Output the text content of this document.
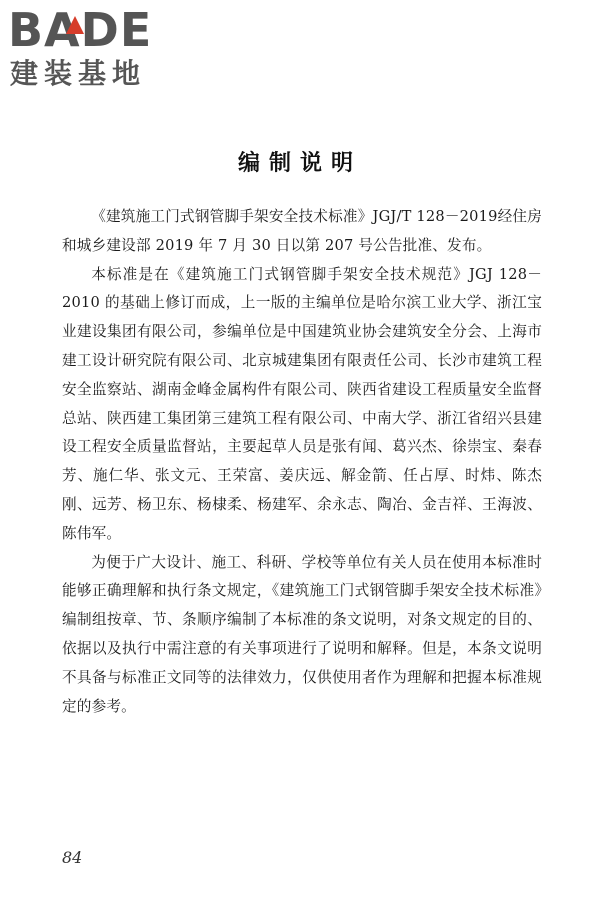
BADE
建装基地
编制说明

《建筑施工门式钢管脚手架安全技术标准》JGJ/T 128－2019经住房和城乡建设部 2019 年 7 月 30 日以第 207 号公告批准、发布。

本标准是在《建筑施工门式钢管脚手架安全技术规范》JGJ 128－2010 的基础上修订而成，上一版的主编单位是哈尔滨工业大学、浙江宝业建设集团有限公司，参编单位是中国建筑业协会建筑安全分会、上海市建工设计研究院有限公司、北京城建集团有限责任公司、长沙市建筑工程安全监察站、湖南金峰金属构件有限公司、陕西省建设工程质量安全监督总站、陕西建工集团第三建筑工程有限公司、中南大学、浙江省绍兴县建设工程安全质量监督站，主要起草人员是张有闻、葛兴杰、徐崇宝、秦春芳、施仁华、张文元、王荣富、姜庆远、解金箭、任占厚、时炜、陈杰刚、远芳、杨卫东、杨棣柔、杨建军、余永志、陶冶、金吉祥、王海波、陈伟军。

为便于广大设计、施工、科研、学校等单位有关人员在使用本标准时能够正确理解和执行条文规定，《建筑施工门式钢管脚手架安全技术标准》编制组按章、节、条顺序编制了本标准的条文说明，对条文规定的目的、依据以及执行中需注意的有关事项进行了说明和解释。但是，本条文说明不具备与标准正文同等的法律效力，仅供使用者作为理解和把握本标准规定的参考。

84
